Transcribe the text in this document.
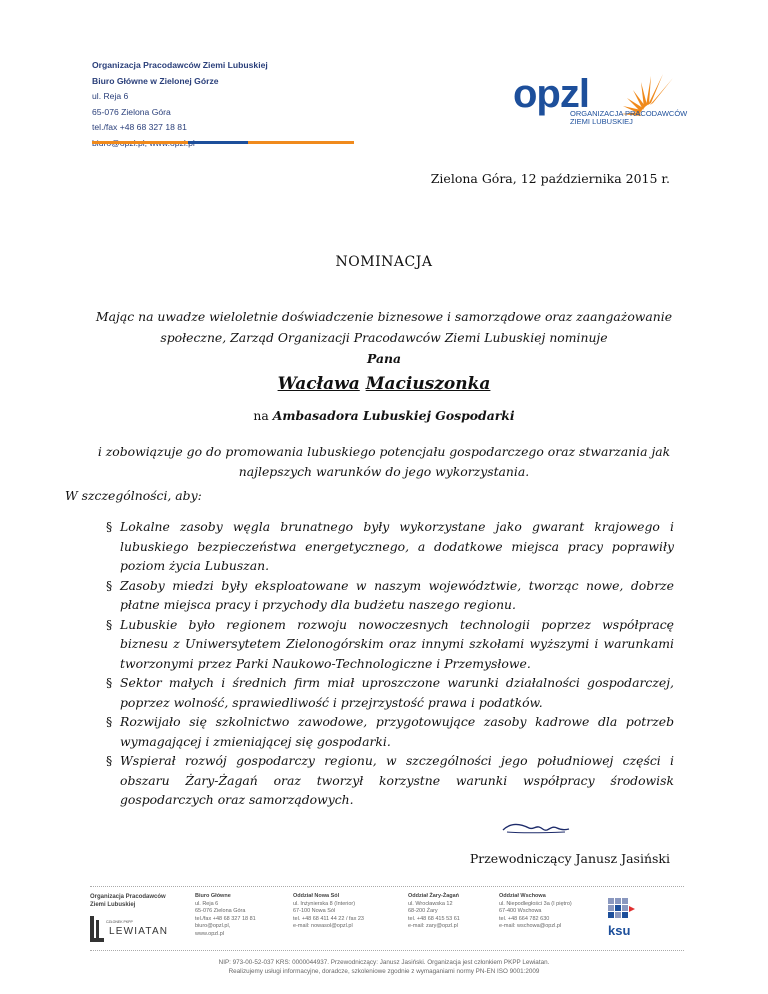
Organizacja Pracodawców Ziemi Lubuskiej
Biuro Główne w Zielonej Górze
ul. Reja 6
65-076 Zielona Góra
tel./fax +48 68 327 18 81
opzl
ORGANIZACJA PRACODAWCÓW
ZIEMI LUBUSKIEJ
Zielona Góra, 12 października 2015 r.
NOMINACJA
Mając na uwadze wieloletnie doświadczenie biznesowe i samorządowe oraz zaangażowanie społeczne, Zarząd Organizacji Pracodawców Ziemi Lubuskiej nominuje
Pana
Wacława Maciuszonka
na Ambasadora Lubuskiej Gospodarki
i zobowiązuje go do promowania lubuskiego potencjału gospodarczego oraz stwarzania jak najlepszych warunków do jego wykorzystania.
W szczególności, aby:
§ Lokalne zasoby węgla brunatnego były wykorzystane jako gwarant krajowego i lubuskiego bezpieczeństwa energetycznego, a dodatkowe miejsca pracy poprawiły poziom życia Lubuszan.
§ Zasoby miedzi były eksploatowane w naszym województwie, tworząc nowe, dobrze płatne miejsca pracy i przychody dla budżetu naszego regionu.
§ Lubuskie było regionem rozwoju nowoczesnych technologii poprzez współpracę biznesu z Uniwersytetem Zielonogórskim oraz innymi szkołami wyższymi i warunkami tworzonymi przez Parki Naukowo-Technologiczne i Przemysłowe.
§ Sektor małych i średnich firm miał uproszczone warunki działalności gospodarczej, poprzez wolność, sprawiedliwość i przejrzystość prawa i podatków.
§ Rozwijało się szkolnictwo zawodowe, przygotowujące zasoby kadrowe dla potrzeb wymagającej i zmieniającej się gospodarki.
§ Wspierał rozwój gospodarczy regionu, w szczególności jego południowej części i obszaru Żary-Żagań oraz tworzył korzystne warunki współpracy środowisk gospodarczych oraz samorządowych.
Przewodniczący Janusz Jasiński
Organizacja Pracodawców
Ziemi Lubuskiej
CZŁONEK PKPP
LEWIATAN
Biuro Główne
ul. Reja 6
65-076 Zielona Góra
tel./fax +48 68 327 18 81
biuro@opzl.pl,
www.opzl.pl
Oddział Nowa Sól
ul. Inżynierska 8 (Interior)
67-100 Nowa Sól
tel. +48 68 411 44 22 / fax 23
e-mail: nowasol@opzl.pl
Oddział Żary-Żagań
ul. Wrocławska 12
68-200 Żary
tel. +48 68 415 53 61
e-mail: zary@opzl.pl
Oddział Wschowa
ul. Niepodległości 3a (I piętro)
67-400 Wschowa
tel. +48 664 782 630
e-mail: wschowa@opzl.pl	ksu
NIP: 973-00-52-037 KRS: 0000044937. Przewodniczący: Janusz Jasiński. Organizacja jest członkiem PKPP Lewiatan.
Realizujemy usługi informacyjne, doradcze, szkoleniowe zgodnie z wymaganiami normy PN-EN ISO 9001:2009
